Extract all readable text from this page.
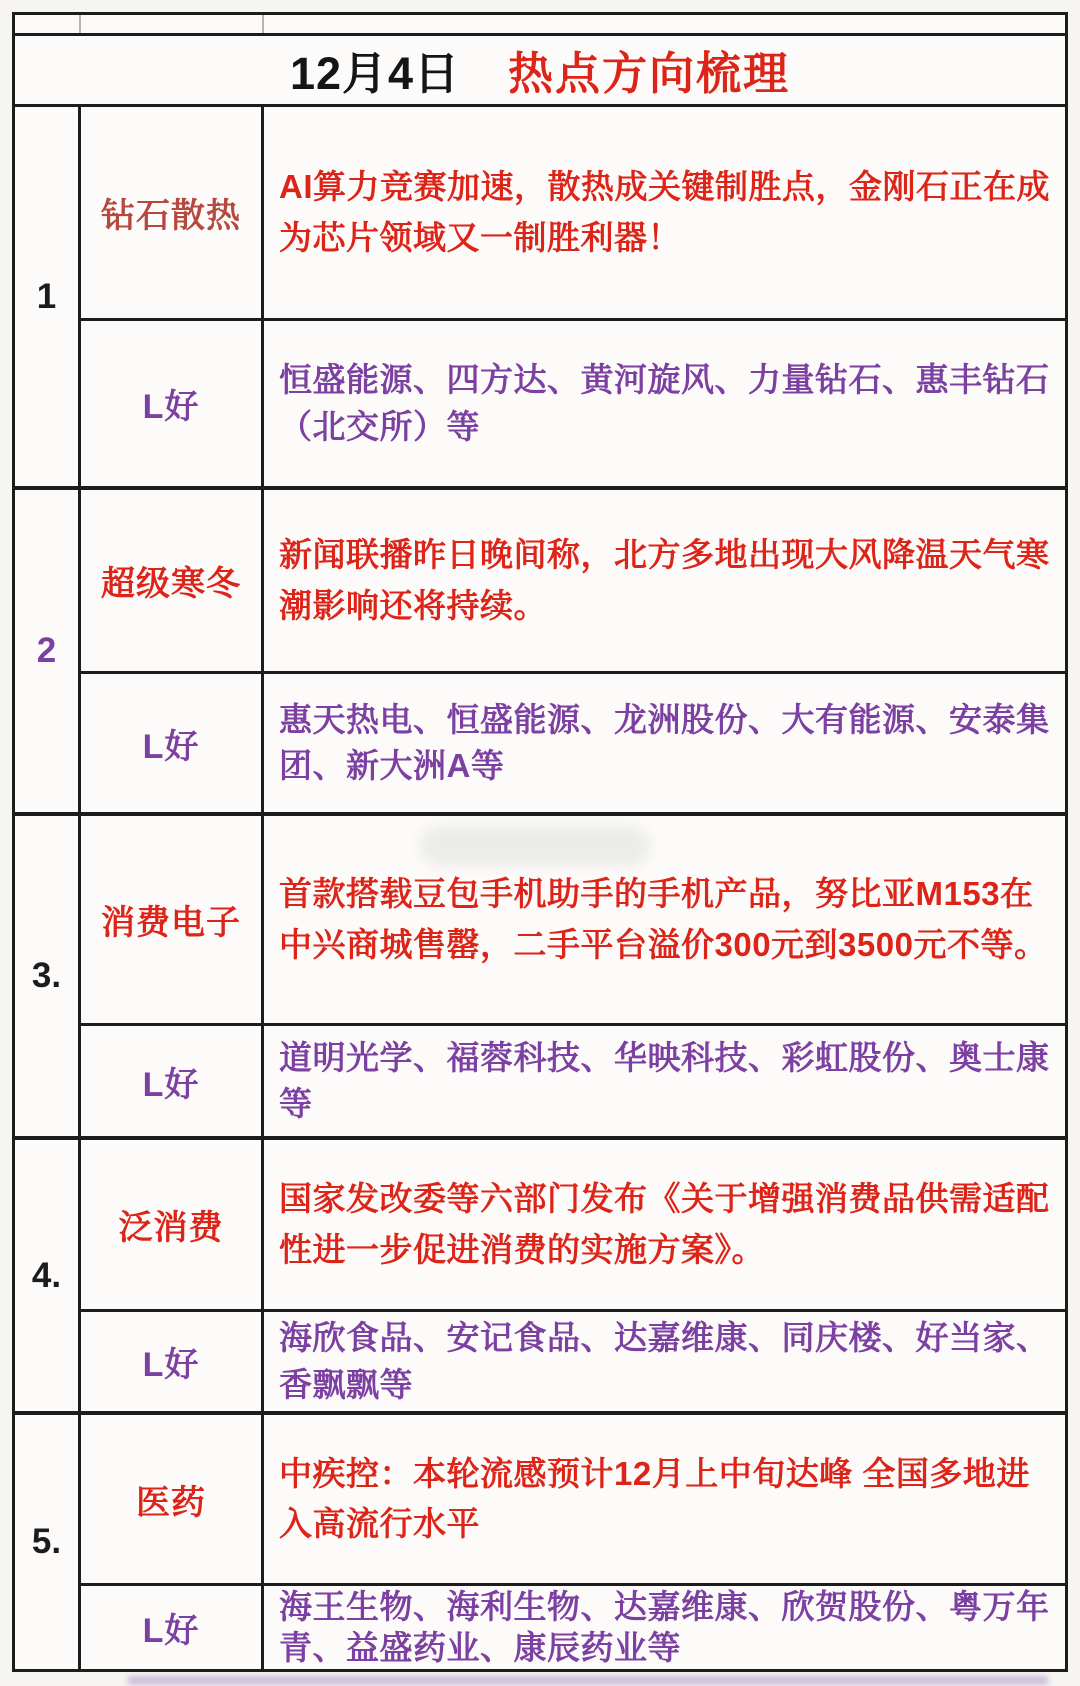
12月4日 热点方向梳理
1
钻石散热
AI算力竞赛加速，散热成关键制胜点，金刚石正在成为芯片领域又一制胜利器！
L好
恒盛能源、四方达、黄河旋风、力量钻石、惠丰钻石（北交所）等
2
超级寒冬
新闻联播昨日晚间称，北方多地出现大风降温天气寒潮影响还将持续。
L好
惠天热电、恒盛能源、龙洲股份、大有能源、安泰集团、新大洲A等
3.
消费电子
首款搭载豆包手机助手的手机产品，努比亚M153在中兴商城售罄，二手平台溢价300元到3500元不等。
L好
道明光学、福蓉科技、华映科技、彩虹股份、奥士康等
4.
泛消费
国家发改委等六部门发布《关于增强消费品供需适配性进一步促进消费的实施方案》。
L好
海欣食品、安记食品、达嘉维康、同庆楼、好当家、香飘飘等
5.
医药
中疾控：本轮流感预计12月上中旬达峰 全国多地进入高流行水平
L好
海王生物、海利生物、达嘉维康、欣贺股份、粤万年青、益盛药业、康辰药业等
